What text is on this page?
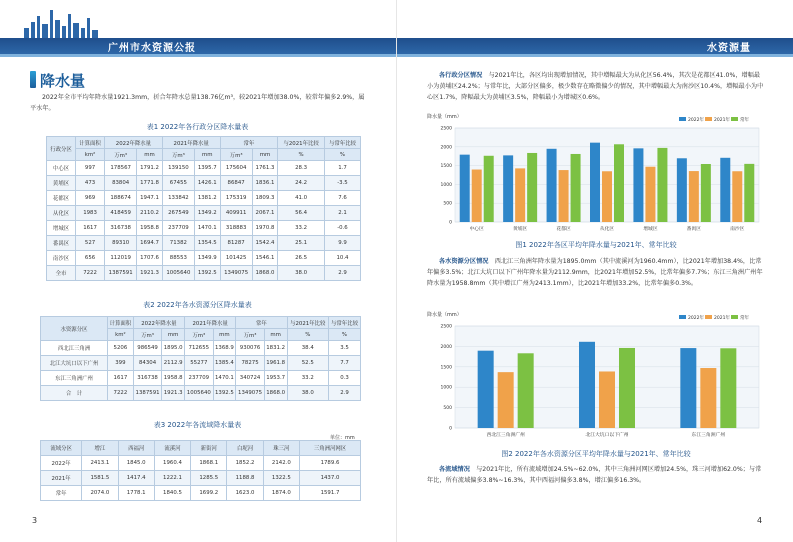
广州市水资源公报
降水量
2022年全市平均年降水量1921.3mm，折合年降水总量138.76亿m³，较2021年增加38.0%，较常年偏多2.9%，属平水年。
表1 2022年各行政分区降水量表
行政分区	计算面积	2022年降水量		2021年降水量		常年		与2021年比较	与常年比较
	km²	万m³	mm	万m³	mm	万m³	mm	%	%
中心区	997	178567	1791.2	139150	1395.7	175604	1761.3	28.3	1.7
黄埔区	473	83804	1771.8	67455	1426.1	86847	1836.1	24.2	-3.5
花都区	969	188674	1947.1	133842	1381.2	175319	1809.3	41.0	7.6
从化区	1983	418459	2110.2	267549	1349.2	409911	2067.1	56.4	2.1
增城区	1617	316738	1958.8	237709	1470.1	318883	1970.8	33.2	-0.6
番禺区	527	89310	1694.7	71382	1354.5	81287	1542.4	25.1	9.9
南沙区	656	112019	1707.6	88553	1349.9	101425	1546.1	26.5	10.4
全市	7222	1387591	1921.3	1005640	1392.5	1349075	1868.0	38.0	2.9
表2 2022年各水资源分区降水量表
水资源分区	计算面积	2022年降水量		2021年降水量		常年		与2021年比较	与常年比较
	km²	万m³	mm	万m³	mm	万m³	mm	%	%
西北江三角洲	5206	986549	1895.0	712655	1368.9	930076	1831.2	38.4	3.5
北江大坑口以下广州	399	84304	2112.9	55277	1385.4	78275	1961.8	52.5	7.7
东江三角洲广州	1617	316738	1958.8	237709	1470.1	340724	1953.7	33.2	0.3
合　计	7222	1387591	1921.3	1005640	1392.5	1349075	1868.0	38.0	2.9
表3 2022年各流域降水量表
单位：mm
流域分区	增江	西福河	流溪河	新街河	白坭河	珠三河	三角洲河网区
2022年	2413.1	1845.0	1960.4	1868.1	1852.2	2142.0	1789.6
2021年	1581.5	1417.4	1222.1	1285.5	1188.8	1322.5	1437.0
常年	2074.0	1778.1	1840.5	1699.2	1623.0	1874.0	1591.7
3
水资源量
各行政分区情况　 与2021年比，各区均出现增加情况，其中增幅最大为从化区56.4%，其次是花都区41.0%，增幅最小为黄埔区24.2%；与常年比，大部分区偏多，极少数存在略微偏少的情况，其中增幅最大为南沙区10.4%，增幅最小为中心区1.7%，降幅最大为黄埔区3.5%，降幅最小为增城区0.6%。
降水量（mm）
0
500
1000
1500
2000
2500
2022年 2021年 常年
中心区	黄埔区	花都区	从化区	增城区	番禺区	南沙区
图1 2022年各区平均年降水量与2021年、常年比较
各水资源分区情况　 西北江三角洲年降水量为1895.0mm（其中流溪河为1960.4mm），比2021年增加38.4%，比常年偏多3.5%；北江大坑口以下广州年降水量为2112.9mm，比2021年增加52.5%，比常年偏多7.7%；东江三角洲广州年降水量为1958.8mm（其中增江广州为2413.1mm），比2021年增加33.2%，比常年偏多0.3%。
降水量（mm）
0
500
1000
1500
2000
2500
2022年 2021年 常年
西北江三角洲广州	北江大坑口以下广州	东江三角洲广州
图2 2022年各水资源分区平均年降水量与2021年、常年比较
各流域情况　 与2021年比，所有流域增加24.5%~62.0%，其中三角洲河网区增加24.5%，珠三河增加62.0%；与常年比，所有流域偏多3.8%~16.3%，其中西福河偏多3.8%，增江偏多16.3%。
4
